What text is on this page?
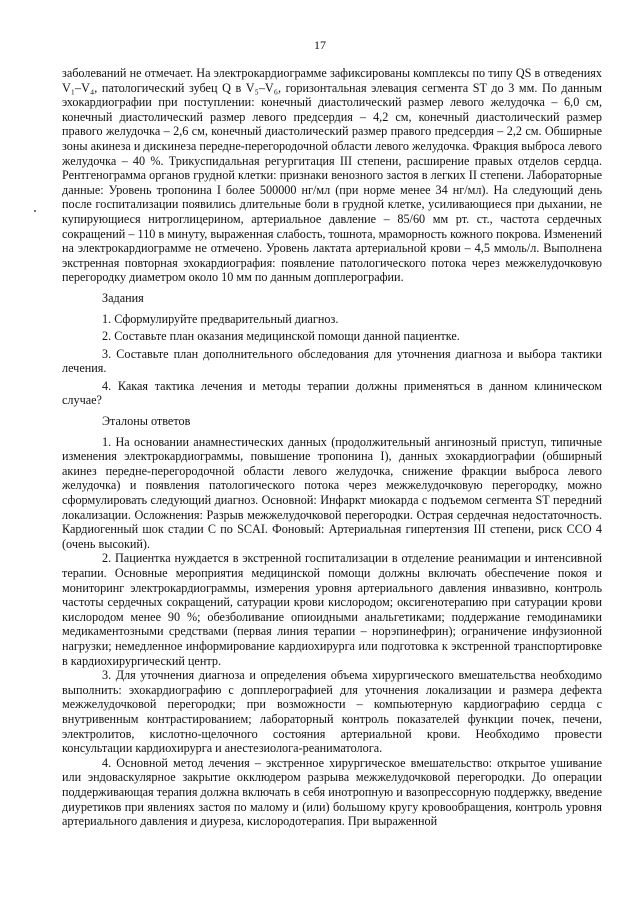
17

заболеваний не отмечает. На электрокардиограмме зафиксированы комплексы по типу QS в отведениях V₁–V₄, патологический зубец Q в V₅–V₆, горизонтальная элевация сегмента ST до 3 мм. По данным эхокардиографии при поступлении: конечный диастолический размер левого желудочка – 6,0 см, конечный диастолический размер левого предсердия – 4,2 см, конечный диастолический размер правого желудочка – 2,6 см, конечный диастолический размер правого предсердия – 2,2 см. Обширные зоны акинеза и дискинеза передне-перегородочной области левого желудочка. Фракция выброса левого желудочка – 40 %. Трикуспидальная регургитация III степени, расширение правых отделов сердца. Рентгенограмма органов грудной клетки: признаки венозного застоя в легких II степени. Лабораторные данные: Уровень тропонина I более 500000 нг/мл (при норме менее 34 нг/мл). На следующий день после госпитализации появились длительные боли в грудной клетке, усиливающиеся при дыхании, не купирующиеся нитроглицерином, артериальное давление – 85/60 мм рт. ст., частота сердечных сокращений – 110 в минуту, выраженная слабость, тошнота, мраморность кожного покрова. Изменений на электрокардиограмме не отмечено. Уровень лактата артериальной крови – 4,5 ммоль/л. Выполнена экстренная повторная эхокардиография: появление патологического потока через межжелудочковую перегородку диаметром около 10 мм по данным допплерографии.

Задания

1. Сформулируйте предварительный диагноз.

2. Составьте план оказания медицинской помощи данной пациентке.

3. Составьте план дополнительного обследования для уточнения диагноза и выбора тактики лечения.

4. Какая тактика лечения и методы терапии должны применяться в данном клиническом случае?

Эталоны ответов

1. На основании анамнестических данных (продолжительный ангинозный приступ, типичные изменения электрокардиограммы, повышение тропонина I), данных эхокардиографии (обширный акинез передне-перегородочной области левого желудочка, снижение фракции выброса левого желудочка) и появления патологического потока через межжелудочковую перегородку, можно сформулировать следующий диагноз. Основной: Инфаркт миокарда с подъемом сегмента ST передний локализации. Осложнения: Разрыв межжелудочковой перегородки. Острая сердечная недостаточность. Кардиогенный шок стадии C по SCAI. Фоновый: Артериальная гипертензия III степени, риск ССО 4 (очень высокий).

2. Пациентка нуждается в экстренной госпитализации в отделение реанимации и интенсивной терапии. Основные мероприятия медицинской помощи должны включать обеспечение покоя и мониторинг электрокардиограммы, измерения уровня артериального давления инвазивно, контроль частоты сердечных сокращений, сатурации крови кислородом; оксигенотерапию при сатурации крови кислородом менее 90 %; обезболивание опиоидными анальгетиками; поддержание гемодинамики медикаментозными средствами (первая линия терапии – норэпинефрин); ограничение инфузионной нагрузки; немедленное информирование кардиохирурга или подготовка к экстренной транспортировке в кардиохирургический центр.

3. Для уточнения диагноза и определения объема хирургического вмешательства необходимо выполнить: эхокардиографию с допплерографией для уточнения локализации и размера дефекта межжелудочковой перегородки; при возможности – компьютерную кардиографию сердца с внутривенным контрастированием; лабораторный контроль показателей функции почек, печени, электролитов, кислотно-щелочного состояния артериальной крови. Необходимо провести консультации кардиохирурга и анестезиолога-реаниматолога.

4. Основной метод лечения – экстренное хирургическое вмешательство: открытое ушивание или эндоваскулярное закрытие окклюдером разрыва межжелудочковой перегородки. До операции поддерживающая терапия должна включать в себя инотропную и вазопрессорную поддержку, введение диуретиков при явлениях застоя по малому и (или) большому кругу кровообращения, контроль уровня артериального давления и диуреза, кислородотерапия. При выраженной
